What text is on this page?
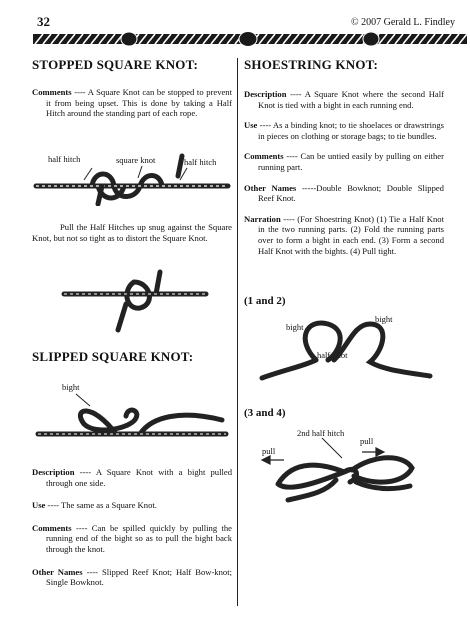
32	© 2007 Gerald L. Findley
STOPPED SQUARE KNOT:

Comments ---- A Square Knot can be stopped to prevent it from being upset. This is done by taking a Half Hitch around the standing part of each rope.

half hitch	square knot	half hitch

Pull the Half Hitches up snug against the Square Knot, but not so tight as to distort the Square Knot.

SLIPPED SQUARE KNOT:
bight

Description ---- A Square Knot with a bight pulled through one side.

Use ---- The same as a Square Knot.

Comments ---- Can be spilled quickly by pulling the running end of the bight so as to pull the bight back through the knot.

Other Names ---- Slipped Reef Knot; Half Bow-knot; Single Bowknot.

SHOESTRING KNOT:

Description ---- A Square Knot where the second Half Knot is tied with a bight in each running end.

Use ---- As a binding knot; to tie shoelaces or drawstrings in pieces on clothing or storage bags; to tie bundles.

Comments ---- Can be untied easily by pulling on either running part.

Other Names -----Double Bowknot; Double Slipped Reef Knot.

Narration ---- (For Shoestring Knot) (1) Tie a Half Knot in the two running parts. (2) Fold the running parts over to form a bight in each end. (3) Form a second Half Knot with the bights. (4) Pull tight.

(1 and 2)
bight
bight
half knot
(3 and 4)
2nd half hitch
pull
pull
